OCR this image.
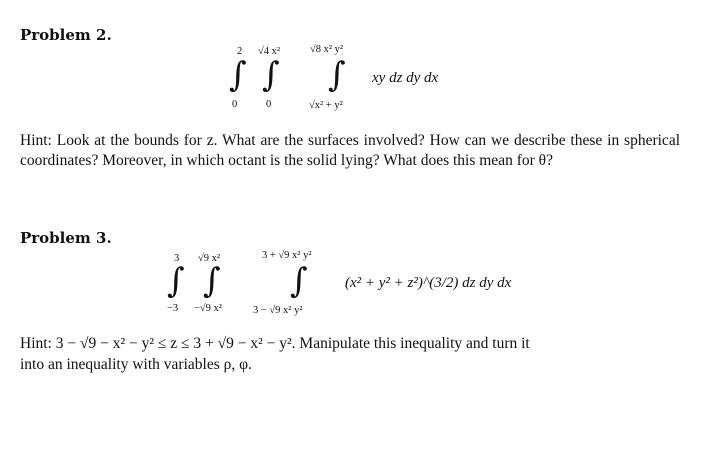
Problem 2.
2 √4 x²	√8 x² y²
∫ ∫ ∫
0	0	√x² + y²
xy dz dy dx
Hint: Look at the bounds for z. What are the surfaces involved? How can we describe these in spherical coordinates? Moreover, in which octant is the solid lying? What does this mean for θ?
Problem 3.
3 √9 x²	3 + √9 x² y²
∫ ∫ ∫
−3 −√9 x²	3 − √9 x² y²
(x² + y² + z²)^(3/2) dz dy dx
Hint: 3 − √9 − x² − y² ≤ z ≤ 3 + √9 − x² − y². Manipulate this inequality and turn it
into an inequality with variables ρ, φ.
